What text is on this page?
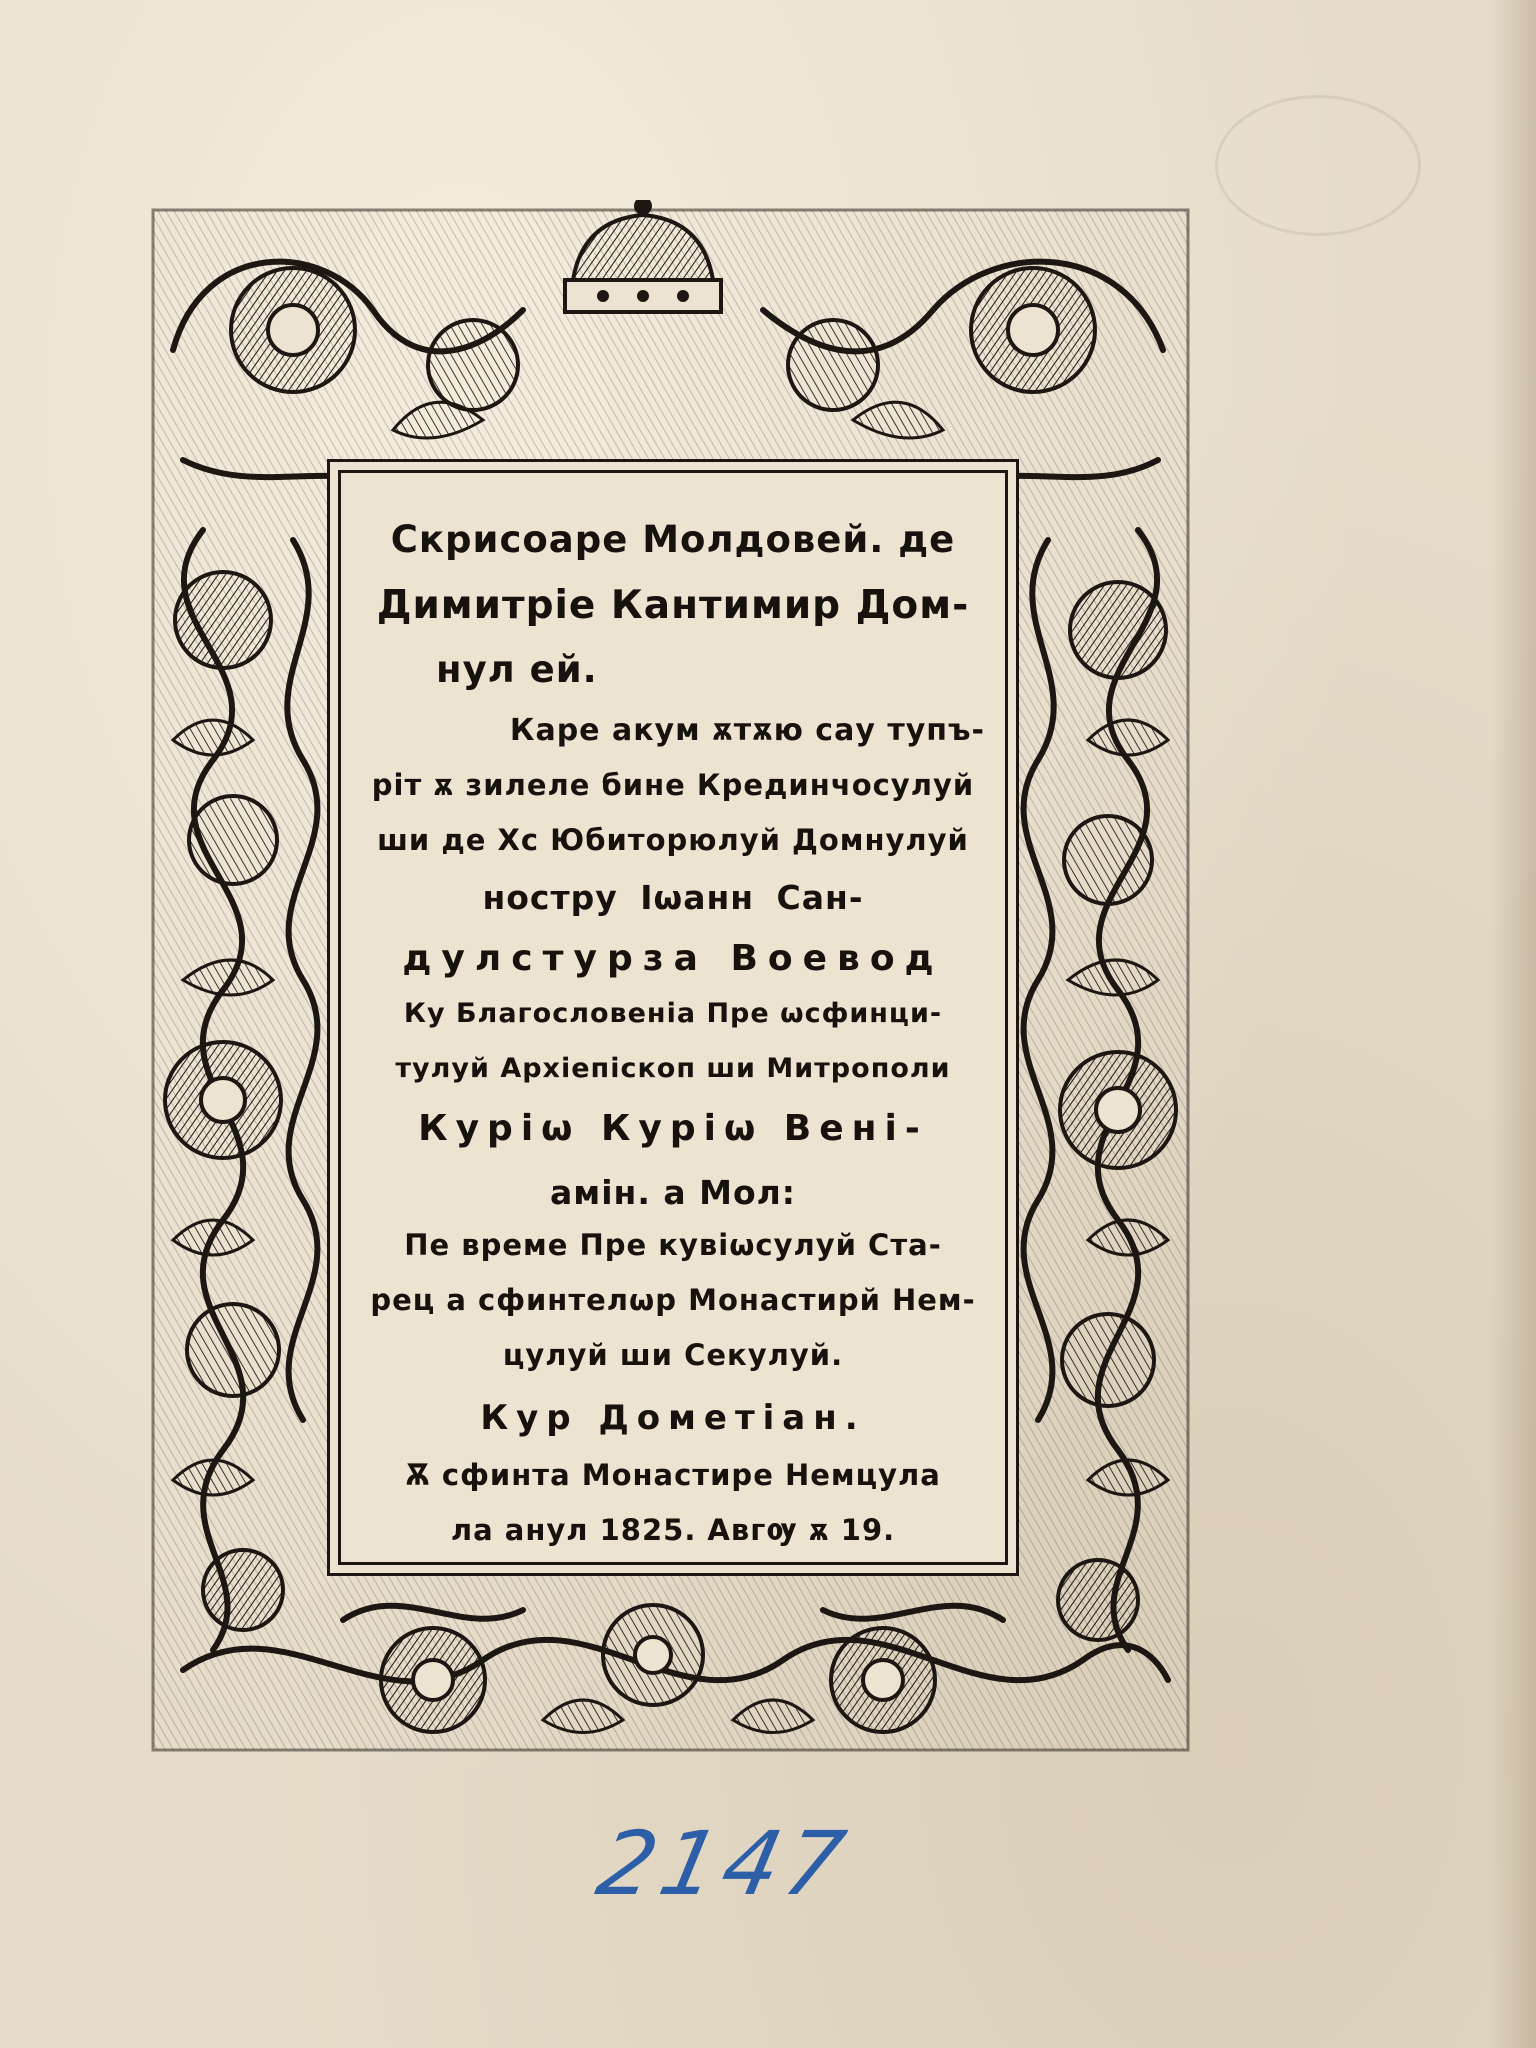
Скрисоаре Молдовей. де
Димитріе Кантимир Дом-
нул ей.
Каре акум ѫтѫю сау тупъ-
ріт ѫ зилеле бине Крединчосулуй
ши де Хс Юбиторюлуй Домнулуй
ностру Іѡанн Сан-
дулстурза Воевод
Ку Благословеніа Пре ѡсфинци-
тулуй Архіепіскоп ши Митрополи
Куріѡ Куріѡ Вені-
амін. а Мол:
Пе време Пре кувіѡсулуй Ста-
рец а сфинтелѡр Монастирй Нем-
цулуй ши Секулуй.
Кур Дометіан.
Ѫ сфинта Монастире Немцула
ла анул 1825. Авгѹ ѫ 19.
2147
